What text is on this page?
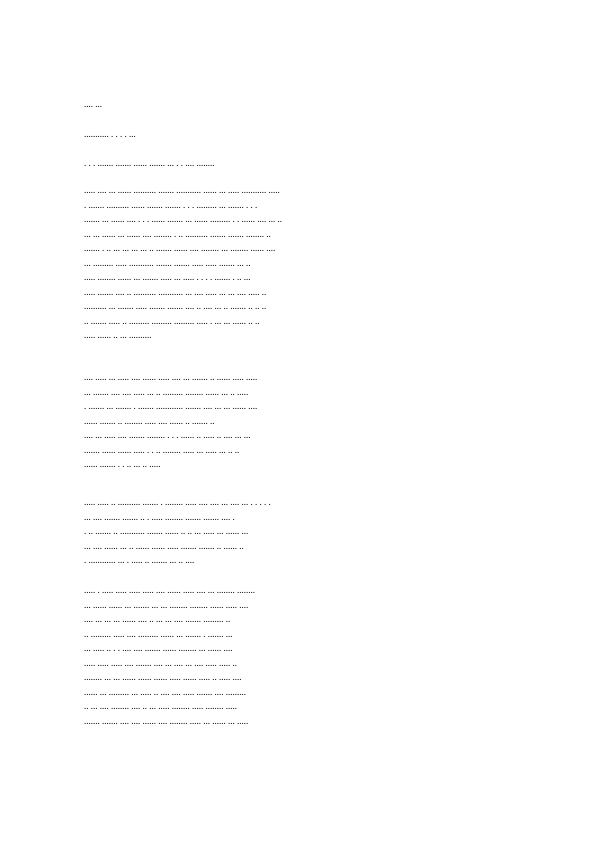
.... ...
........... . . . . ...
. . . ....... ....... ...... ....... ... . . .... ........
..... .... ... ...... .......... ....... ........... ...... ... ..... ........... .....
. ....... .......... ...... ....... ....... . . . ......... ... ....... . . .
....... ... ...... .... . . . ...... ....... ... ...... ......... . . ...... .... ... ..
... ... ...... ... ...... .... ........ . .. .......... ....... ....... ........ ..
....... . .. ... ... ... ... .. ....... ...... .... ........ ... ........ ...... ....
... ......... ..... ........... ....... ....... ..... ..... ....... ... ..
..... ........ ...... ... ....... ..... ... ..... . . . . ....... . .. ...
..... ....... .... .. .......... ........... ... .... ..... ... ... .... ..... ..
.......... ... ....... ..... ....... ....... .... .. .... ... .. ....... .. .. ..
.. ....... ..... .. ......... ......... ......... ..... . ... ... ...... .. ..
..... ...... .. ... ..........
.... ..... ... ..... .... ...... ..... .... ... ....... .. ...... ..... .....
... ....... .... .... ..... ... .. ......... ........ ...... ... .. .....
. ....... ... ....... . ....... ............ ....... .... ... ... ...... ....
...... ....... .. ........ ..... .... ...... .. ....... ..
.... ... ..... .... ....... ........ . . . ...... .. ..... .. .... ... ...
....... ...... ...... ..... . . .. ........ ..... ... ..... ... .. ..
...... ....... . . .. ... .. .....
..... ..... .. .......... ....... . ........ ..... .... .... ... .... ... . . . . .
... .... ....... ....... .. . ..... ........ ....... ....... .... .
. .. ....... .. ........... ....... ...... .. .. ... ..... ... ...... ...
... .... ...... ... .. ...... ...... ..... ....... ....... .. ...... ..
. ............ ... . ..... .. ....... ... .. ....
..... . ..... ..... ..... ..... .... ...... ..... .... ... ........ ........
... ...... ...... ... ....... ... ... ........ ........ ...... ..... ....
.... ... ... ... ...... .... .. ... ... .... ....... ......... ..
.. ......... ..... .... ......... ...... ... ....... . ....... ...
... ..... .. . . .... .... ....... ...... ........ ... ...... ....
..... ..... ..... .... ....... .... ... .... ... .... ..... ..... ..
........ ... ... ...... ...... ...... ..... ...... ..... .. ..... ....
...... ... ......... ... ..... .. .... .... ..... ....... .... .........
.. ... .... ........ .... .. ... ..... ........ ..... ........ .....
....... ....... .... .... ...... .... ........ ..... ... ...... ... .....
